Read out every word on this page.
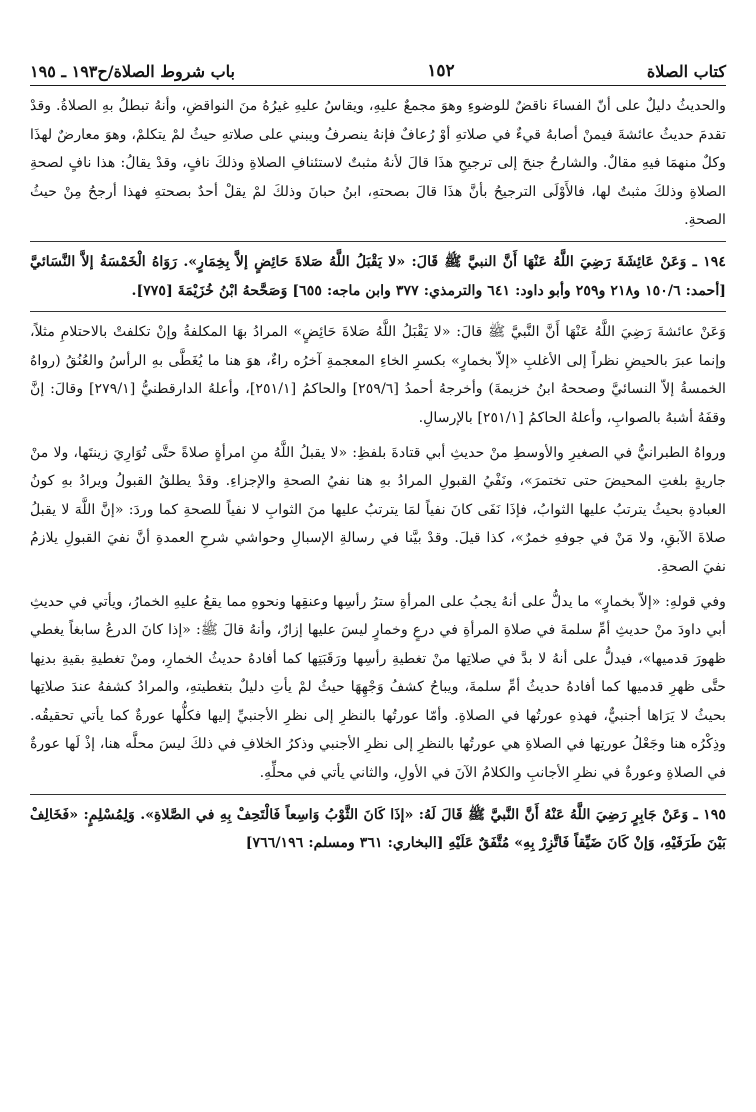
كتاب الصلاة
١٥٢
باب شروط الصلاة/ح١٩٣ ـ ١٩٥

والحديثُ دليلٌ على أنّ الفساءَ ناقضٌ للوضوءِ وهوَ مجمعٌ عليهِ، ويقاسُ عليهِ غيرُهُ منَ النواقضِ، وأنهُ تبطلُ بهِ الصلاةُ. وقدْ تقدمَ حديثُ عائشةَ فيمنْ أصابهُ قيءٌ في صلاتهِ أوْ رُعافٌ فإنهُ ينصرفُ ويبني على صلاتهِ حيثُ لمْ يتكلمْ، وهوَ معارضٌ لهذَا وكلٌ منهمَا فيهِ مقالٌ. والشارحُ جنحَ إلى ترجيحِ هذَا قالَ لأنهُ مثبتٌ لاستئنافِ الصلاةِ وذلكَ نافٍ، وقدْ يقالُ: هذا نافٍ لصحةِ الصلاةِ وذلكَ مثبتٌ لها، فالأَوْلَى الترجيحُ بأنَّ هذَا قالَ بصحتهِ، ابنُ حبانَ وذلكَ لمْ يقلْ أحدٌ بصحتهِ فهذا أرجحُ مِنْ حيثُ الصحةِ.

١٩٤ ـ وَعَنْ عَائِشَةَ رَضِيَ اللَّهُ عَنْهَا أَنَّ النبيَّ ﷺ قَالَ: «لا يَقْبَلُ اللَّهُ صَلاةَ حَائِضٍ إلاَّ بِخِمَارٍ». رَوَاهُ الْخَمْسَةُ إلاَّ النَّسَائيَّ [أحمد: ١٥٠/٦ و٢١٨ و٢٥٩ وأبو داود: ٦٤١ والترمذي: ٣٧٧ وابن ماجه: ٦٥٥] وَصَحَّحهُ ابْنُ خُزَيْمَةَ [٧٧٥].

وَعَنْ عائشةَ رَضِيَ اللَّهُ عَنْهَا أَنَّ النَّبيَّ ﷺ قالَ: «لا يَقْبَلُ اللَّهُ صَلاةَ حَائِضٍ» المرادُ بهَا المكلفةُ وإنْ تكلفتْ بالاحتلامِ مثلاً، وإنما عبرَ بالحيضِ نظراً إلى الأغلبِ «إلاّ بخمارٍ» بكسرِ الخاءِ المعجمةِ آخرُه راءٌ، هوَ هنا ما يُغَطَّى بهِ الرأسُ والعُنُقُ (رواهُ الخمسةُ إلاّ النسائيَّ وصححهُ ابنُ خزيمةَ) وأخرجهُ أحمدُ [٢٥٩/٦] والحاكمُ [٢٥١/١]، وأعلهُ الدارقطنيُّ [٢٧٩/١] وقالَ: إنَّ وقفَهُ أشبهُ بالصوابِ، وأعلهُ الحاكمُ [٢٥١/١] بالإرسالِ.

ورواهُ الطبرانيُّ في الصغيرِ والأوسطِ منْ حديثِ أبي قتادةَ بلفظِ: «لا يقبلُ اللَّهُ منِ امرأةٍ صلاةً حتَّى تُوَارِيَ زينتَها، ولا منْ جاريةٍ بلغتِ المحيضَ حتى تختمرَ»، ونَفْيُ القبولِ المرادُ بهِ هنا نفيُ الصحةِ والإجزاءِ. وقدْ يطلقُ القبولُ ويرادُ بهِ كونُ العبادةِ بحيثُ يترتبُ عليها الثوابُ، فإذَا نَفَى كانَ نفياً لمَا يترتبُ عليها منَ الثوابِ لا نفياً للصحةِ كما وردَ: «إنَّ اللَّهَ لا يقبلُ صلاةَ الآبقِ، ولا مَنْ في جوفهِ خمرٌ»، كذا قيلَ. وقدْ بيَّنا في رسالةِ الإسبالِ وحواشي شرحِ العمدةِ أنَّ نفيَ القبولِ يلازمُ نفيَ الصحةِ.

وفي قولهِ: «إلاّ بخمارٍ» ما يدلُّ على أنهُ يجبُ على المرأةِ سترُ رأسِها وعنقِها ونحوهِ مما يقعُ عليهِ الخمارُ، ويأتي في حديثِ أبي داودَ منْ حديثِ أمِّ سلمةَ في صلاةِ المرأةِ في درعٍ وخمارٍ ليسَ عليها إزارٌ، وأنهُ قالَ ﷺ: «إذا كانَ الدرعُ سابغاً يغطي ظهورَ قدميها»، فيدلُّ على أنهُ لا بدَّ في صلاتِها منْ تغطيةِ رأسِها ورَقَبَتِها كما أفادهُ حديثُ الخمارِ، ومنْ تغطيةِ بقيةِ بدنِها حتَّى ظهرِ قدميها كما أفادهُ حديثُ أمِّ سلمةَ، ويباحُ كشفُ وَجْهِهَا حيثُ لمْ يأتِ دليلٌ بتغطيتهِ، والمرادُ كشفهُ عندَ صلاتِها بحيثُ لا يَرَاها أجنبيٌّ، فهذهِ عورتُها في الصلاةِ. وأمّا عورتُها بالنظرِ إلى نظرِ الأجنبيِّ إليها فكلُّها عورةٌ كما يأتي تحقيقُه. وذِكْرُه هنا وجَعْلُ عورتِها في الصلاةِ هي عورتُها بالنظرِ إلى نظرِ الأجنبي وذكرُ الخلافِ في ذلكَ ليسَ محلَّه هنا، إذْ لَها عورةٌ في الصلاةِ وعورةٌ في نظرِ الأجانبِ والكلامُ الآنَ في الأولِ، والثاني يأتي في محلِّهِ.

١٩٥ ـ وَعَنْ جَابِرٍ رَضِيَ اللَّهُ عَنْهُ أَنَّ النَّبيَّ ﷺ قَالَ لَهُ: «إذَا كَانَ الثَّوْبُ وَاسِعاً فَالْتَحِفْ بِهِ في الصَّلاةِ». وَلِمُسْلِمٍ: «فَخَالِفْ بَيْنَ طَرَفَيْهِ، وَإنْ كَانَ ضَيِّقاً فَاتَّزِرْ بِهِ» مُتَّفَقٌ عَلَيْهِ [البخاري: ٣٦١ ومسلم: ٧٦٦/١٩٦]
